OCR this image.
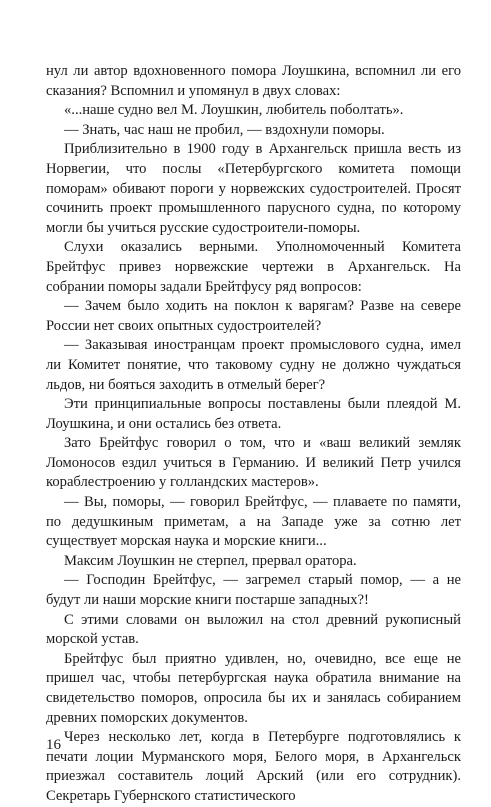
нул ли автор вдохновенного помора Лоушкина, вспомнил ли его сказания? Вспомнил и упомянул в двух словах:

«...наше судно вел М. Лоушкин, любитель поболтать».

— Знать, час наш не пробил, — вздохнули поморы.

Приблизительно в 1900 году в Архангельск пришла весть из Норвегии, что послы «Петербургского комитета помощи поморам» обивают пороги у норвежских судостроителей. Просят сочинить проект промышленного парусного судна, по которому могли бы учиться русские судостроители-поморы.

Слухи оказались верными. Уполномоченный Комитета Брейтфус привез норвежские чертежи в Архангельск. На собрании поморы задали Брейтфусу ряд вопросов:

— Зачем было ходить на поклон к варягам? Разве на севере России нет своих опытных судостроителей?

— Заказывая иностранцам проект промыслового судна, имел ли Комитет понятие, что таковому судну не должно чуждаться льдов, ни бояться заходить в отмелый берег?

Эти принципиальные вопросы поставлены были плеядой М. Лоушкина, и они остались без ответа.

Зато Брейтфус говорил о том, что и «ваш великий земляк Ломоносов ездил учиться в Германию. И великий Петр учился кораблестроению у голландских мастеров».

— Вы, поморы, — говорил Брейтфус, — плаваете по памяти, по дедушкиным приметам, а на Западе уже за сотню лет существует морская наука и морские книги...

Максим Лоушкин не стерпел, прервал оратора.

— Господин Брейтфус, — загремел старый помор, — а не будут ли наши морские книги постарше западных?!

С этими словами он выложил на стол древний рукописный морской устав.

Брейтфус был приятно удивлен, но, очевидно, все еще не пришел час, чтобы петербургская наука обратила внимание на свидетельство поморов, опросила бы их и занялась собиранием древних поморских документов.

Через несколько лет, когда в Петербурге подготовлялись к печати лоции Мурманского моря, Белого моря, в Архангельск приезжал составитель лоций Арский (или его сотрудник). Секретарь Губернского статистического

16
